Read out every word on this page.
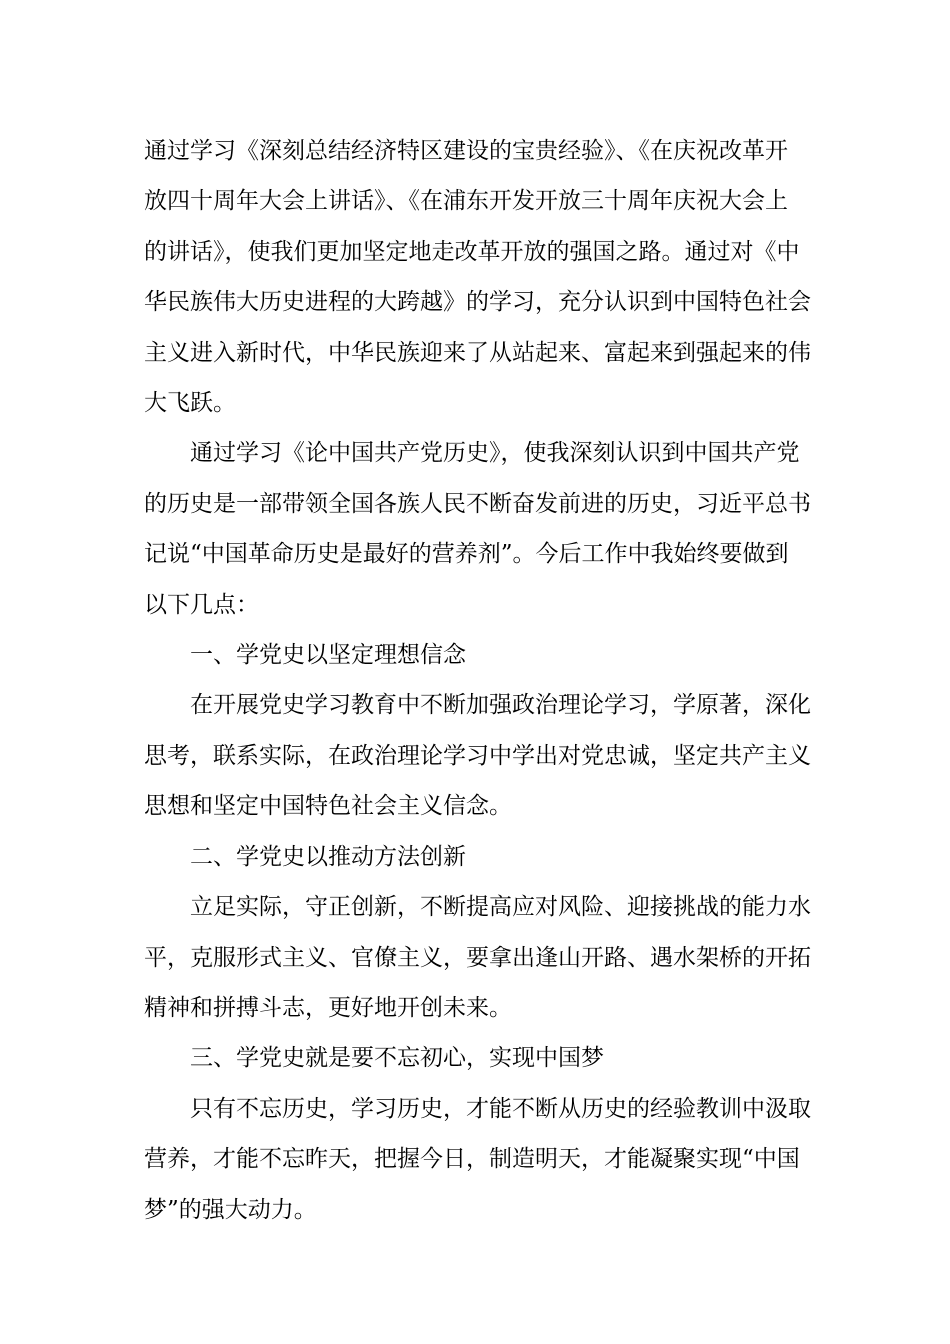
通过学习《深刻总结经济特区建设的宝贵经验》、《在庆祝改革开
放四十周年大会上讲话》、《在浦东开发开放三十周年庆祝大会上
的讲话》，使我们更加坚定地走改革开放的强国之路。通过对《中
华民族伟大历史进程的大跨越》的学习，充分认识到中国特色社会
主义进入新时代，中华民族迎来了从站起来、富起来到强起来的伟
大飞跃。

通过学习《论中国共产党历史》，使我深刻认识到中国共产党
的历史是一部带领全国各族人民不断奋发前进的历史，习近平总书
记说“中国革命历史是最好的营养剂”。今后工作中我始终要做到
以下几点：

一、学党史以坚定理想信念

在开展党史学习教育中不断加强政治理论学习，学原著，深化
思考，联系实际，在政治理论学习中学出对党忠诚，坚定共产主义
思想和坚定中国特色社会主义信念。

二、学党史以推动方法创新

立足实际，守正创新，不断提高应对风险、迎接挑战的能力水
平，克服形式主义、官僚主义，要拿出逢山开路、遇水架桥的开拓
精神和拼搏斗志，更好地开创未来。

三、学党史就是要不忘初心，实现中国梦

只有不忘历史，学习历史，才能不断从历史的经验教训中汲取
营养，才能不忘昨天，把握今日，制造明天，才能凝聚实现“中国
梦”的强大动力。
